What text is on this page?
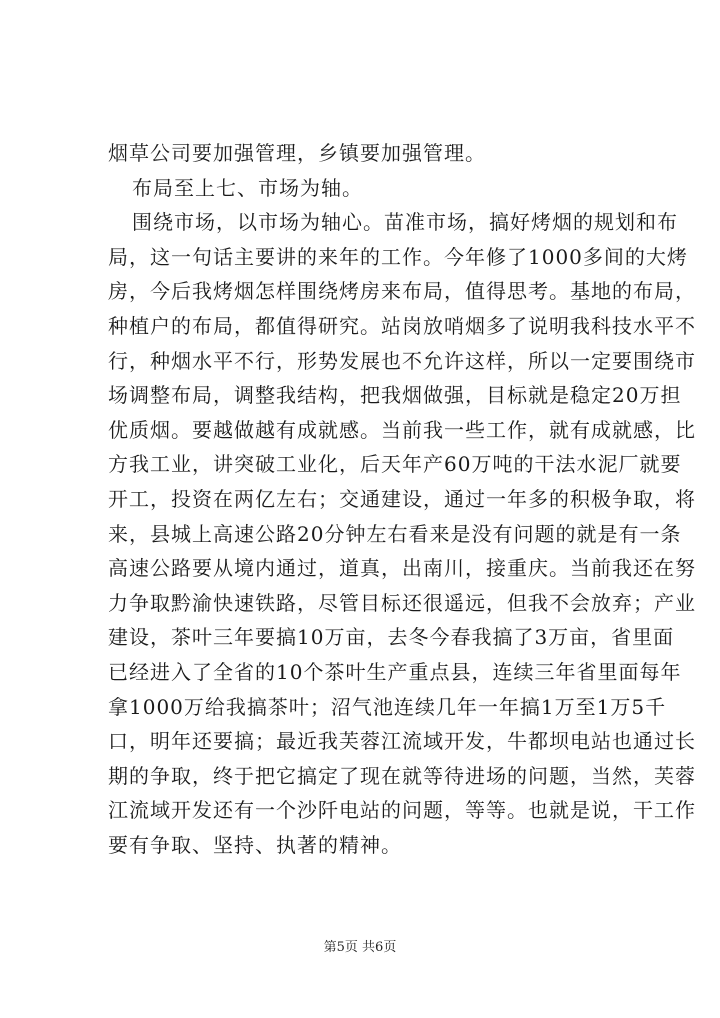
烟草公司要加强管理，乡镇要加强管理。
布局至上七、市场为轴。
围绕市场，以市场为轴心。苗准市场，搞好烤烟的规划和布
局，这一句话主要讲的来年的工作。今年修了1000多间的大烤
房，今后我烤烟怎样围绕烤房来布局，值得思考。基地的布局，
种植户的布局，都值得研究。站岗放哨烟多了说明我科技水平不
行，种烟水平不行，形势发展也不允许这样，所以一定要围绕市
场调整布局，调整我结构，把我烟做强，目标就是稳定20万担
优质烟。要越做越有成就感。当前我一些工作，就有成就感，比
方我工业，讲突破工业化，后天年产60万吨的干法水泥厂就要
开工，投资在两亿左右；交通建设，通过一年多的积极争取，将
来，县城上高速公路20分钟左右看来是没有问题的就是有一条
高速公路要从境内通过，道真，出南川，接重庆。当前我还在努
力争取黔渝快速铁路，尽管目标还很遥远，但我不会放弃；产业
建设，茶叶三年要搞10万亩，去冬今春我搞了3万亩，省里面
已经进入了全省的10个茶叶生产重点县，连续三年省里面每年
拿1000万给我搞茶叶；沼气池连续几年一年搞1万至1万5千
口，明年还要搞；最近我芙蓉江流域开发，牛都坝电站也通过长
期的争取，终于把它搞定了现在就等待进场的问题，当然，芙蓉
江流域开发还有一个沙阡电站的问题，等等。也就是说，干工作
要有争取、坚持、执著的精神。
第5页 共6页
